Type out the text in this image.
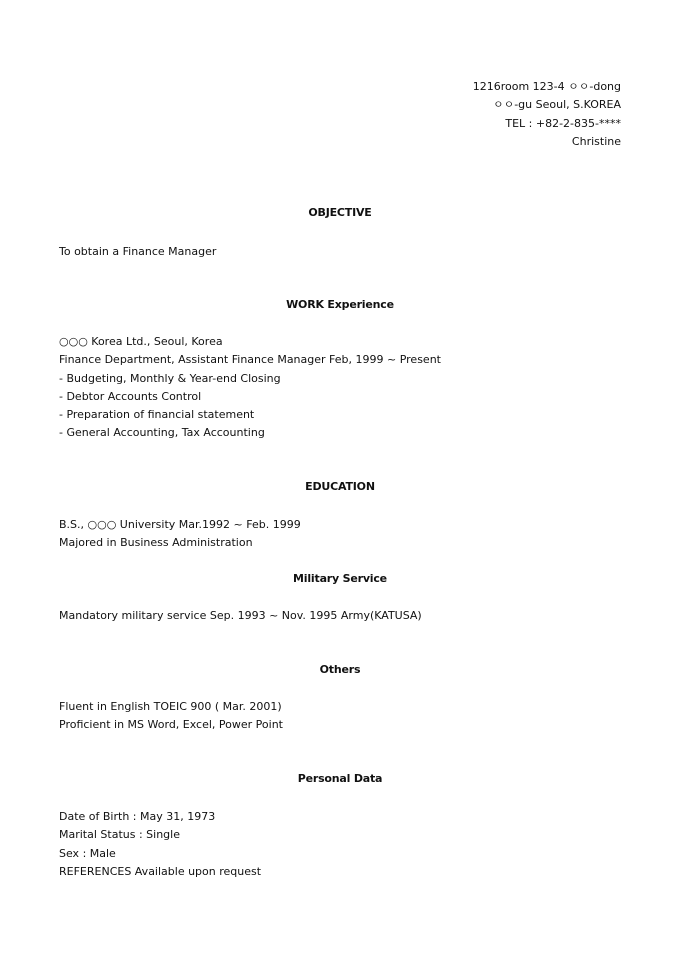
1216room 123-4 ㅇㅇ-dong
ㅇㅇ-gu Seoul, S.KOREA
TEL : +82-2-835-****
Christine
OBJECTIVE
To obtain a Finance Manager
WORK Experience
○○○ Korea Ltd., Seoul, Korea
Finance Department, Assistant Finance Manager Feb, 1999 ~ Present
- Budgeting, Monthly & Year-end Closing
- Debtor Accounts Control
- Preparation of financial statement
- General Accounting, Tax Accounting
EDUCATION
B.S., ○○○ University Mar.1992 ~ Feb. 1999
Majored in Business Administration
Military Service
Mandatory military service Sep. 1993 ~ Nov. 1995 Army(KATUSA)
Others
Fluent in English TOEIC 900 ( Mar. 2001)
Proficient in MS Word, Excel, Power Point
Personal Data
Date of Birth : May 31, 1973
Marital Status : Single
Sex : Male
REFERENCES Available upon request
